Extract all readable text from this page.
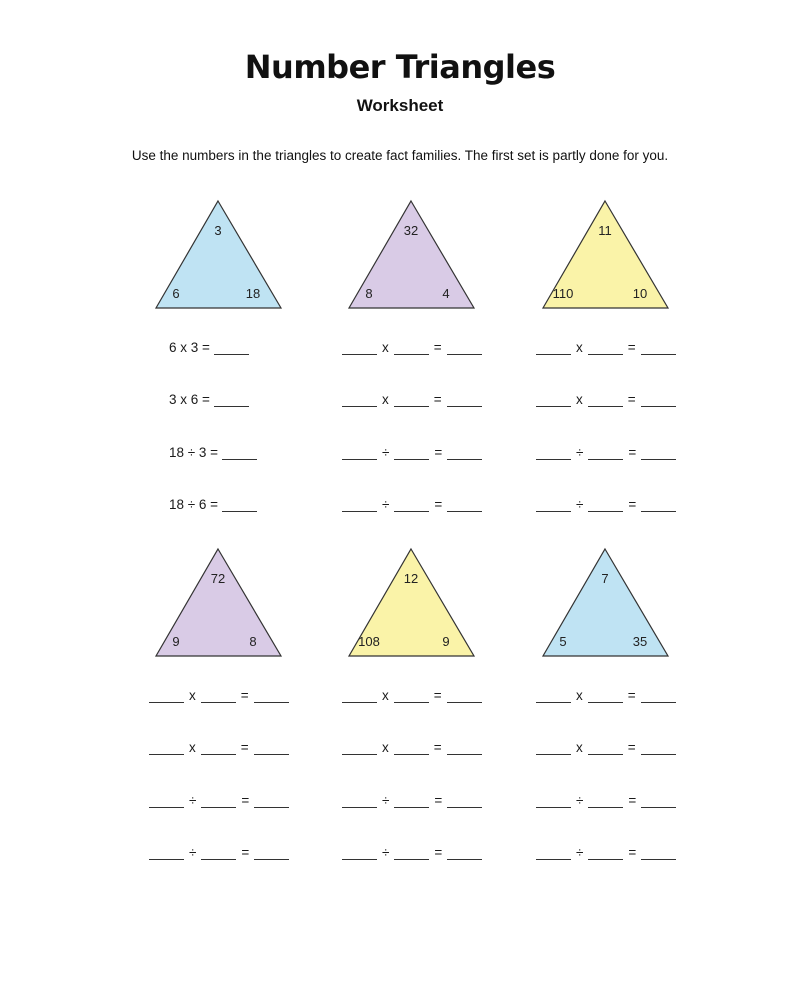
Number Triangles
Worksheet
Use the numbers in the triangles to create fact families. The first set is partly done for you.
3
6	18
6 x 3 =
3 x 6 =
18 ÷ 3 =
18 ÷ 6 =
32
8	4
x	=
x	=
÷	=
÷	=
11
110	10
x	=
x	=
÷	=
÷	=
72
9	8
x	=
x	=
÷	=
÷	=
12
108	9
x	=
x	=
÷	=
÷	=
7
5	35
x	=
x	=
÷	=
÷	=
